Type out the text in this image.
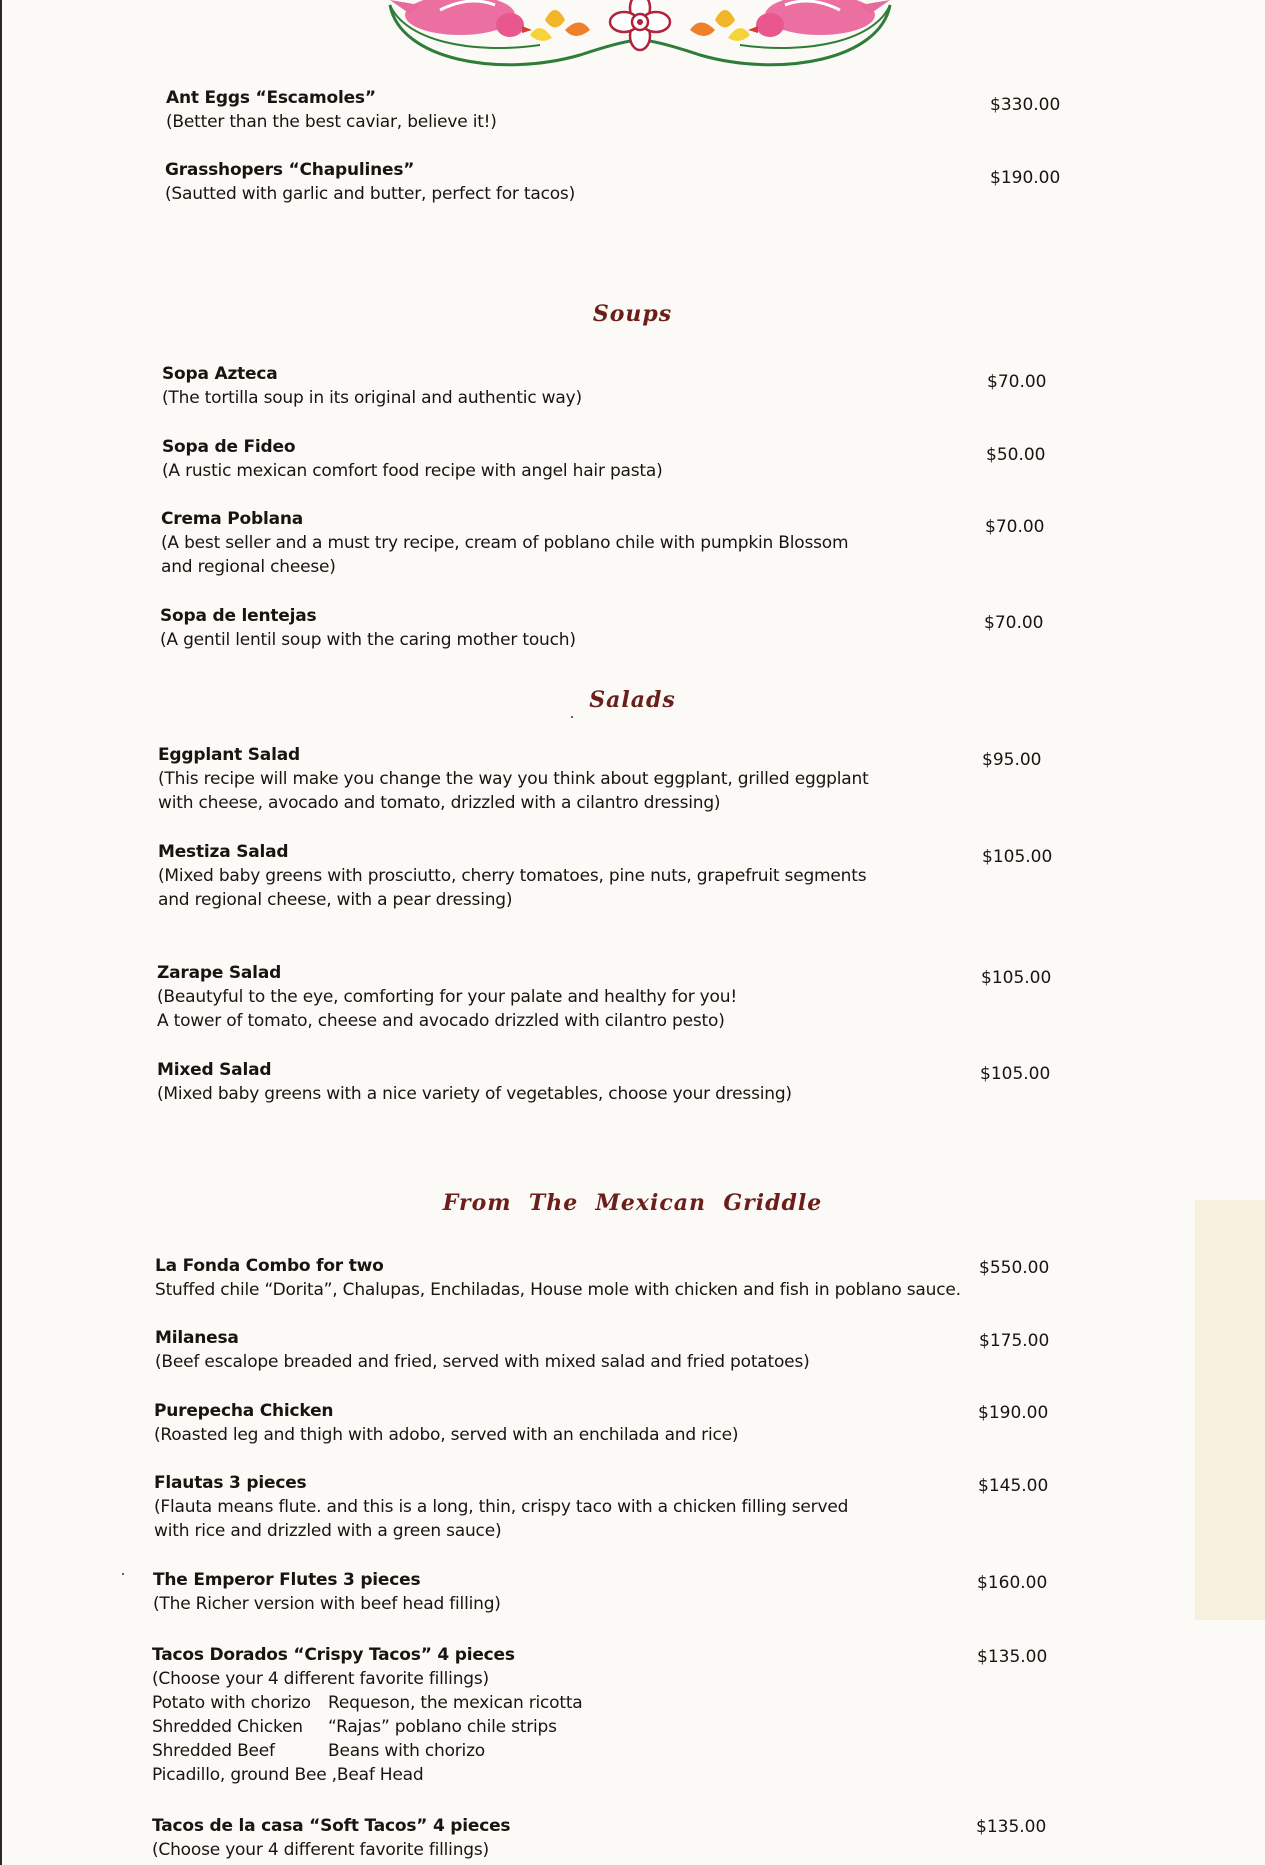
Ant Eggs “Escamoles”
(Better than the best caviar, believe it!)
$330.00
Grasshopers “Chapulines”
(Sautted with garlic and butter, perfect for tacos)
$190.00
Soups
Sopa Azteca
(The tortilla soup in its original and authentic way)
$70.00
Sopa de Fideo
(A rustic mexican comfort food recipe with angel hair pasta)
$50.00
Crema Poblana
(A best seller and a must try recipe, cream of poblano chile with pumpkin Blossom
and regional cheese)
$70.00
Sopa de lentejas
(A gentil lentil soup with the caring mother touch)
$70.00
Salads
Eggplant Salad
(This recipe will make you change the way you think about eggplant, grilled eggplant
with cheese, avocado and tomato, drizzled with a cilantro dressing)
$95.00
Mestiza Salad
(Mixed baby greens with prosciutto, cherry tomatoes, pine nuts, grapefruit segments
and regional cheese, with a pear dressing)
$105.00
Zarape Salad
(Beautyful to the eye, comforting for your palate and healthy for you!
A tower of tomato, cheese and avocado drizzled with cilantro pesto)
$105.00
Mixed Salad
(Mixed baby greens with a nice variety of vegetables, choose your dressing)
$105.00
From  The  Mexican  Griddle
La Fonda Combo for two
Stuffed chile “Dorita”, Chalupas, Enchiladas, House mole with chicken and fish in poblano sauce.
$550.00
Milanesa
(Beef escalope breaded and fried, served with mixed salad and fried potatoes)
$175.00
Purepecha Chicken
(Roasted leg and thigh with adobo, served with an enchilada and rice)
$190.00
Flautas 3 pieces
(Flauta means flute. and this is a long, thin, crispy taco with a chicken filling served
with rice and drizzled with a green sauce)
$145.00
The Emperor Flutes 3 pieces
(The Richer version with beef head filling)
$160.00
Tacos Dorados “Crispy Tacos” 4 pieces
(Choose your 4 different favorite fillings)
Potato with chorizo Requeson, the mexican ricotta
Shredded Chicken “Rajas” poblano chile strips
Shredded Beef	Beans with chorizo
Picadillo, ground Bee ,Beaf Head
$135.00
Tacos de la casa “Soft Tacos” 4 pieces
(Choose your 4 different favorite fillings)
$135.00
